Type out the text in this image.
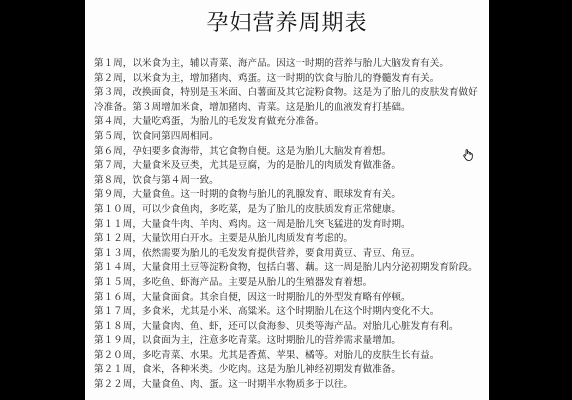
孕妇营养周期表
第１周，以米食为主，辅以青菜、海产品。因这一时期的营养与胎儿大脑发育有关。
第２周，以米食为主，增加猪肉、鸡蛋。这一时期的饮食与胎儿的脊髓发育有关。
第３周，改换面食，特别是玉米面、白薯面及其它淀粉食物。这是为了胎儿的皮肤发育做好
冷准备。第３周增加米食，增加猪肉、青菜。这是胎儿的血液发育打基础。
第４周，大量吃鸡蛋，为胎儿的毛发发育做充分准备。
第５周，饮食同第四周相同。
第６周，孕妇要多食海带，其它食物自便。这是为胎儿大脑发育着想。
第７周，大量食米及豆类，尤其是豆腐，为的是胎儿的肉质发育做准备。
第８周，饮食与第４周一致。
第９周，大量食鱼。这一时期的食物与胎儿的乳腺发育、眼球发育有关。
第１０周，可以少食鱼肉，多吃菜，是为了胎儿的皮肤质发育正常健康。
第１１周，大量食牛肉、羊肉、鸡肉。这一周是胎儿突飞猛进的发育时期。
第１２周，大量饮用白开水。主要是从胎儿肉质发育考虑的。
第１３周，依然需要为胎儿的毛发发育提供营养，要食用黄豆、青豆、角豆。
第１４周，大量食用土豆等淀粉食物，包括白薯、藕。这一周是胎儿内分泌初期发育阶段。
第１５周，多吃鱼、虾海产品。主要是从胎儿的生殖器发育着想。
第１６周，大量食面食。其余自便，因这一时期胎儿的外型发育略有停顿。
第１７周，多食米，尤其是小米、高粱米。这个时期胎儿在这个时期内变化不大。
第１８周，大量食肉、鱼、虾，还可以食海参、贝类等海产品。对胎儿心脏发育有利。
第１９周，以食面为主，注意多吃青菜。这时期胎儿的营养需求量增加。
第２０周，多吃青菜、水果。尤其是香蕉、苹果、橘等。对胎儿的皮肤生长有益。
第２１周，食米，各种米类。少吃肉。这是为胎儿神经初期发育做准备。
第２２周，大量食鱼、肉、蛋。这一时期半水物质多于以往。
